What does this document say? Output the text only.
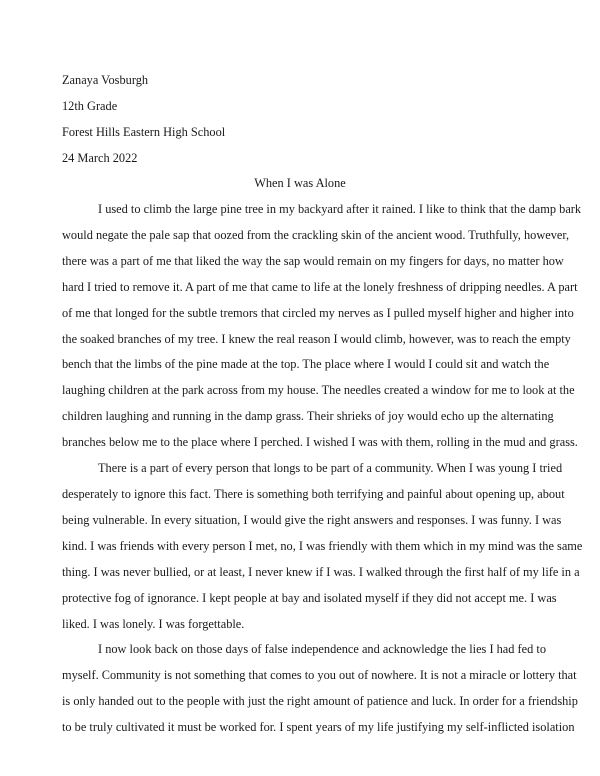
Zanaya Vosburgh
12th Grade
Forest Hills Eastern High School
24 March 2022
When I was Alone
I used to climb the large pine tree in my backyard after it rained. I like to think that the damp bark
would negate the pale sap that oozed from the crackling skin of the ancient wood. Truthfully, however,
there was a part of me that liked the way the sap would remain on my fingers for days, no matter how
hard I tried to remove it. A part of me that came to life at the lonely freshness of dripping needles. A part
of me that longed for the subtle tremors that circled my nerves as I pulled myself higher and higher into
the soaked branches of my tree. I knew the real reason I would climb, however, was to reach the empty
bench that the limbs of the pine made at the top. The place where I would I could sit and watch the
laughing children at the park across from my house. The needles created a window for me to look at the
children laughing and running in the damp grass. Their shrieks of joy would echo up the alternating
branches below me to the place where I perched. I wished I was with them, rolling in the mud and grass.
There is a part of every person that longs to be part of a community. When I was young I tried
desperately to ignore this fact. There is something both terrifying and painful about opening up, about
being vulnerable. In every situation, I would give the right answers and responses. I was funny. I was
kind. I was friends with every person I met, no, I was friendly with them which in my mind was the same
thing. I was never bullied, or at least, I never knew if I was. I walked through the first half of my life in a
protective fog of ignorance. I kept people at bay and isolated myself if they did not accept me. I was
liked. I was lonely. I was forgettable.
I now look back on those days of false independence and acknowledge the lies I had fed to
myself. Community is not something that comes to you out of nowhere. It is not a miracle or lottery that
is only handed out to the people with just the right amount of patience and luck. In order for a friendship
to be truly cultivated it must be worked for. I spent years of my life justifying my self-inflicted isolation
